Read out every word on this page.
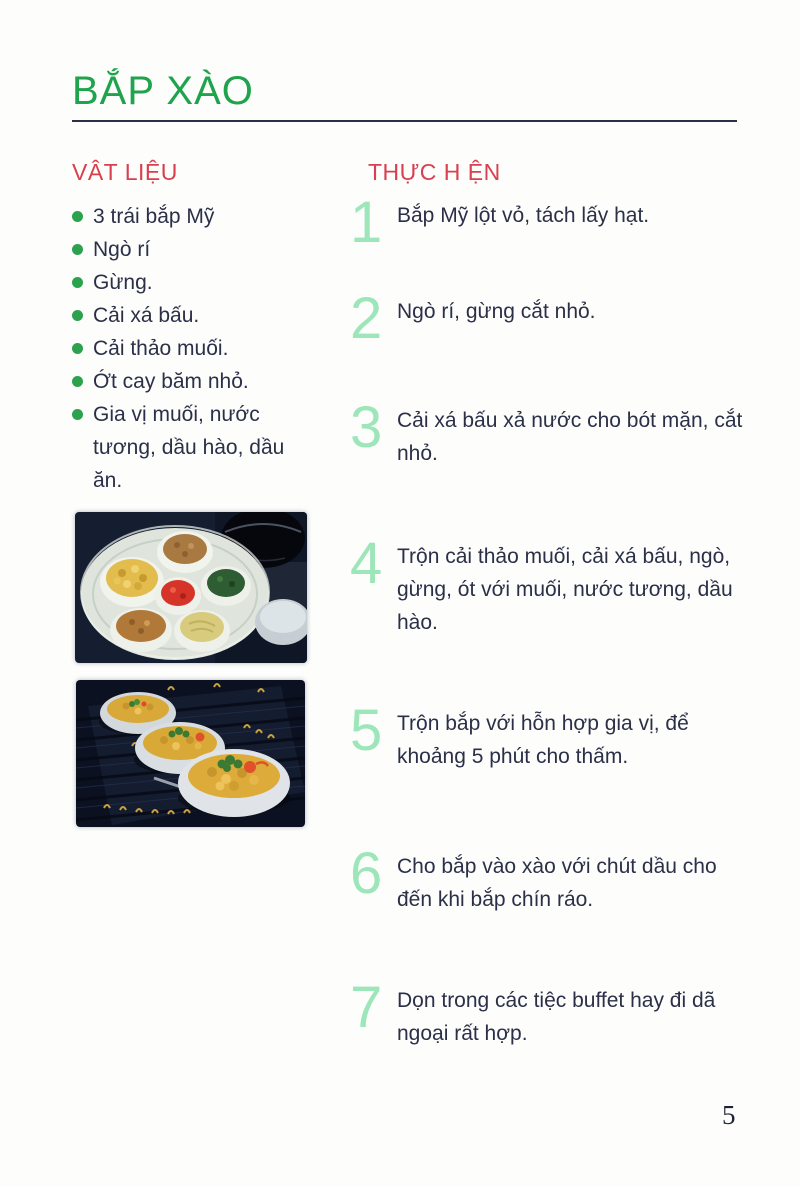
BẮP XÀO
VÂT LIỆU	THỰC H ỆN
3 trái bắp Mỹ
Ngò rí
Gừng.
Cải xá bấu.
Cải thảo muối.
Ớt cay băm nhỏ.
Gia vị muối, nước tương, dầu hào, dầu ăn.
1 Bắp Mỹ lột vỏ, tách lấy hạt.
2 Ngò rí, gừng cắt nhỏ.
3 Cải xá bấu xả nước cho bót mặn, cắt nhỏ.
4 Trộn cải thảo muối, cải xá bấu, ngò, gừng, ót với muối, nước tương, dầu hào.
5 Trộn bắp với hỗn hợp gia vị, để khoảng 5 phút cho thấm.
6 Cho bắp vào xào với chút dầu cho đến khi bắp chín ráo.
7 Dọn trong các tiệc buffet hay đi dã ngoại rất hợp.
5
